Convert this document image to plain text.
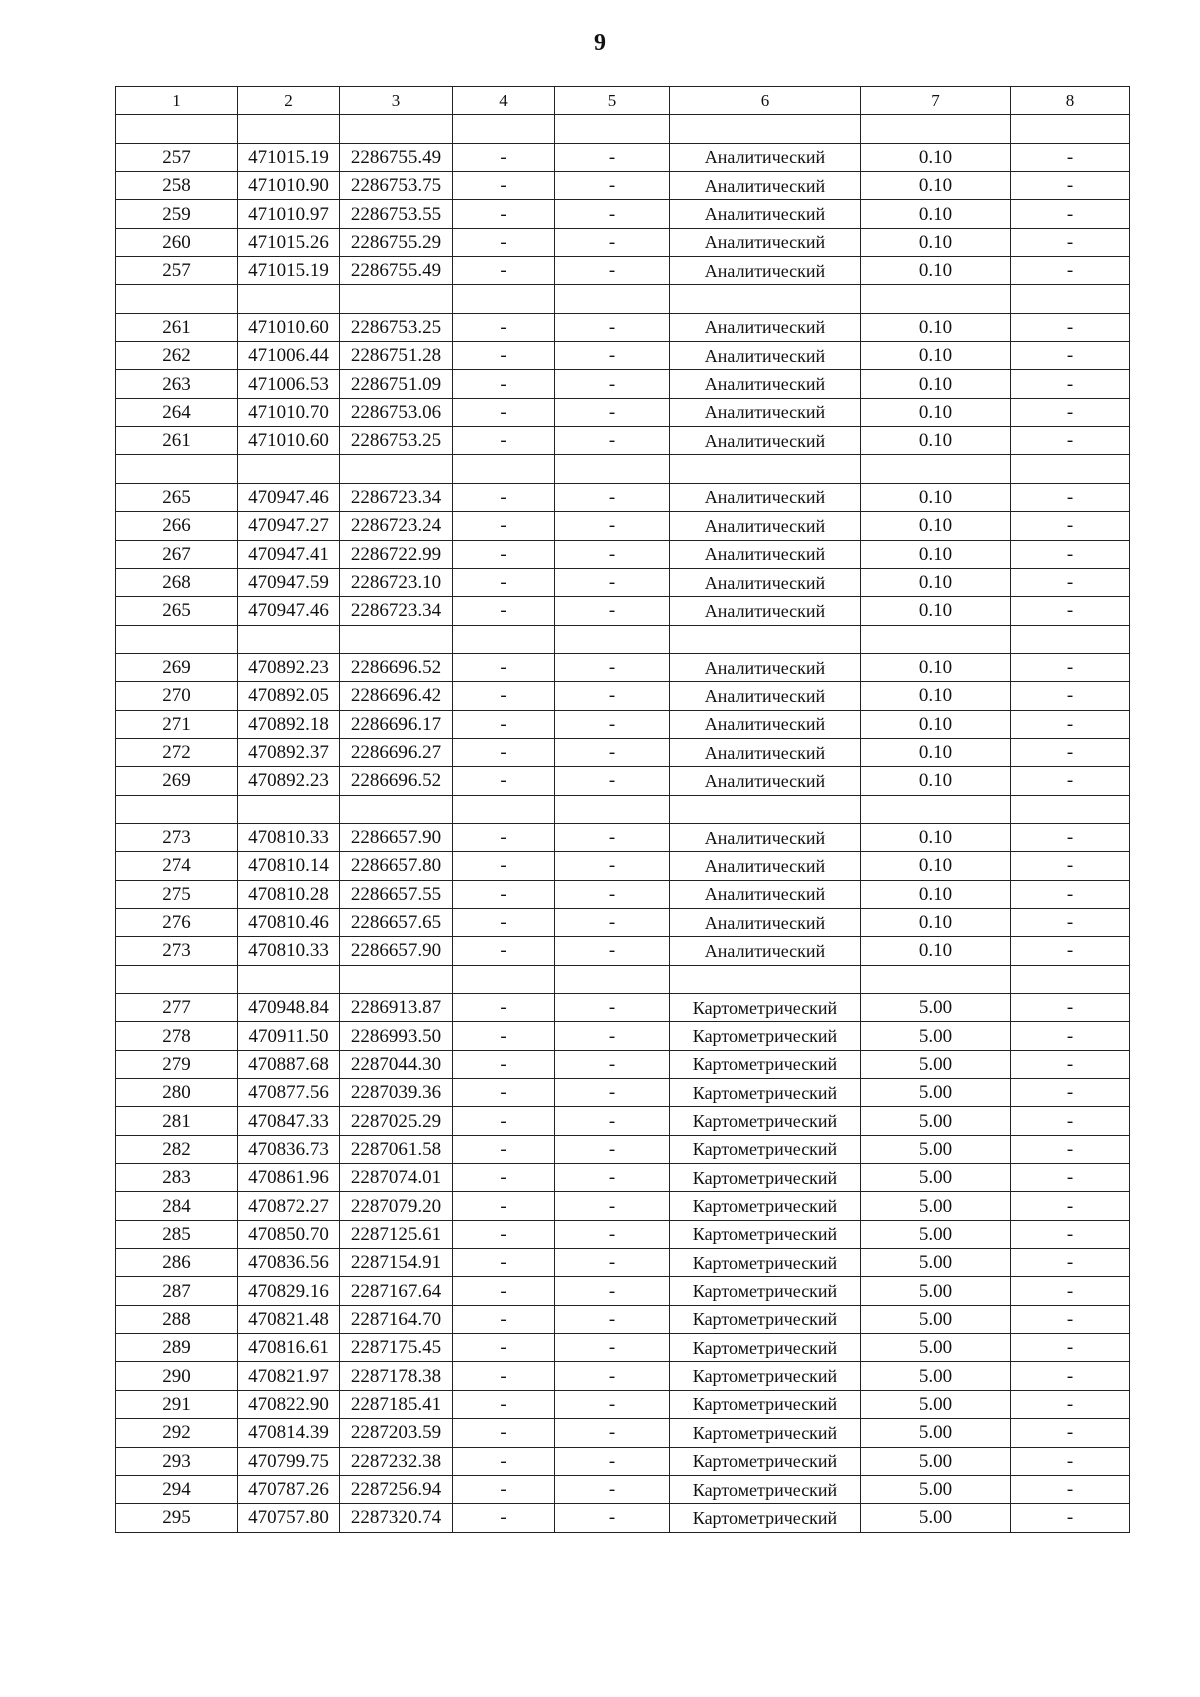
9
1	2	3	4	5	6	7	8

257	471015.19	2286755.49	-	-	Аналитический	0.10	-
258	471010.90	2286753.75	-	-	Аналитический	0.10	-
259	471010.97	2286753.55	-	-	Аналитический	0.10	-
260	471015.26	2286755.29	-	-	Аналитический	0.10	-
257	471015.19	2286755.49	-	-	Аналитический	0.10	-

261	471010.60	2286753.25	-	-	Аналитический	0.10	-
262	471006.44	2286751.28	-	-	Аналитический	0.10	-
263	471006.53	2286751.09	-	-	Аналитический	0.10	-
264	471010.70	2286753.06	-	-	Аналитический	0.10	-
261	471010.60	2286753.25	-	-	Аналитический	0.10	-

265	470947.46	2286723.34	-	-	Аналитический	0.10	-
266	470947.27	2286723.24	-	-	Аналитический	0.10	-
267	470947.41	2286722.99	-	-	Аналитический	0.10	-
268	470947.59	2286723.10	-	-	Аналитический	0.10	-
265	470947.46	2286723.34	-	-	Аналитический	0.10	-

269	470892.23	2286696.52	-	-	Аналитический	0.10	-
270	470892.05	2286696.42	-	-	Аналитический	0.10	-
271	470892.18	2286696.17	-	-	Аналитический	0.10	-
272	470892.37	2286696.27	-	-	Аналитический	0.10	-
269	470892.23	2286696.52	-	-	Аналитический	0.10	-

273	470810.33	2286657.90	-	-	Аналитический	0.10	-
274	470810.14	2286657.80	-	-	Аналитический	0.10	-
275	470810.28	2286657.55	-	-	Аналитический	0.10	-
276	470810.46	2286657.65	-	-	Аналитический	0.10	-
273	470810.33	2286657.90	-	-	Аналитический	0.10	-

277	470948.84	2286913.87	-	-	Картометрический	5.00	-
278	470911.50	2286993.50	-	-	Картометрический	5.00	-
279	470887.68	2287044.30	-	-	Картометрический	5.00	-
280	470877.56	2287039.36	-	-	Картометрический	5.00	-
281	470847.33	2287025.29	-	-	Картометрический	5.00	-
282	470836.73	2287061.58	-	-	Картометрический	5.00	-
283	470861.96	2287074.01	-	-	Картометрический	5.00	-
284	470872.27	2287079.20	-	-	Картометрический	5.00	-
285	470850.70	2287125.61	-	-	Картометрический	5.00	-
286	470836.56	2287154.91	-	-	Картометрический	5.00	-
287	470829.16	2287167.64	-	-	Картометрический	5.00	-
288	470821.48	2287164.70	-	-	Картометрический	5.00	-
289	470816.61	2287175.45	-	-	Картометрический	5.00	-
290	470821.97	2287178.38	-	-	Картометрический	5.00	-
291	470822.90	2287185.41	-	-	Картометрический	5.00	-
292	470814.39	2287203.59	-	-	Картометрический	5.00	-
293	470799.75	2287232.38	-	-	Картометрический	5.00	-
294	470787.26	2287256.94	-	-	Картометрический	5.00	-
295	470757.80	2287320.74	-	-	Картометрический	5.00	-
